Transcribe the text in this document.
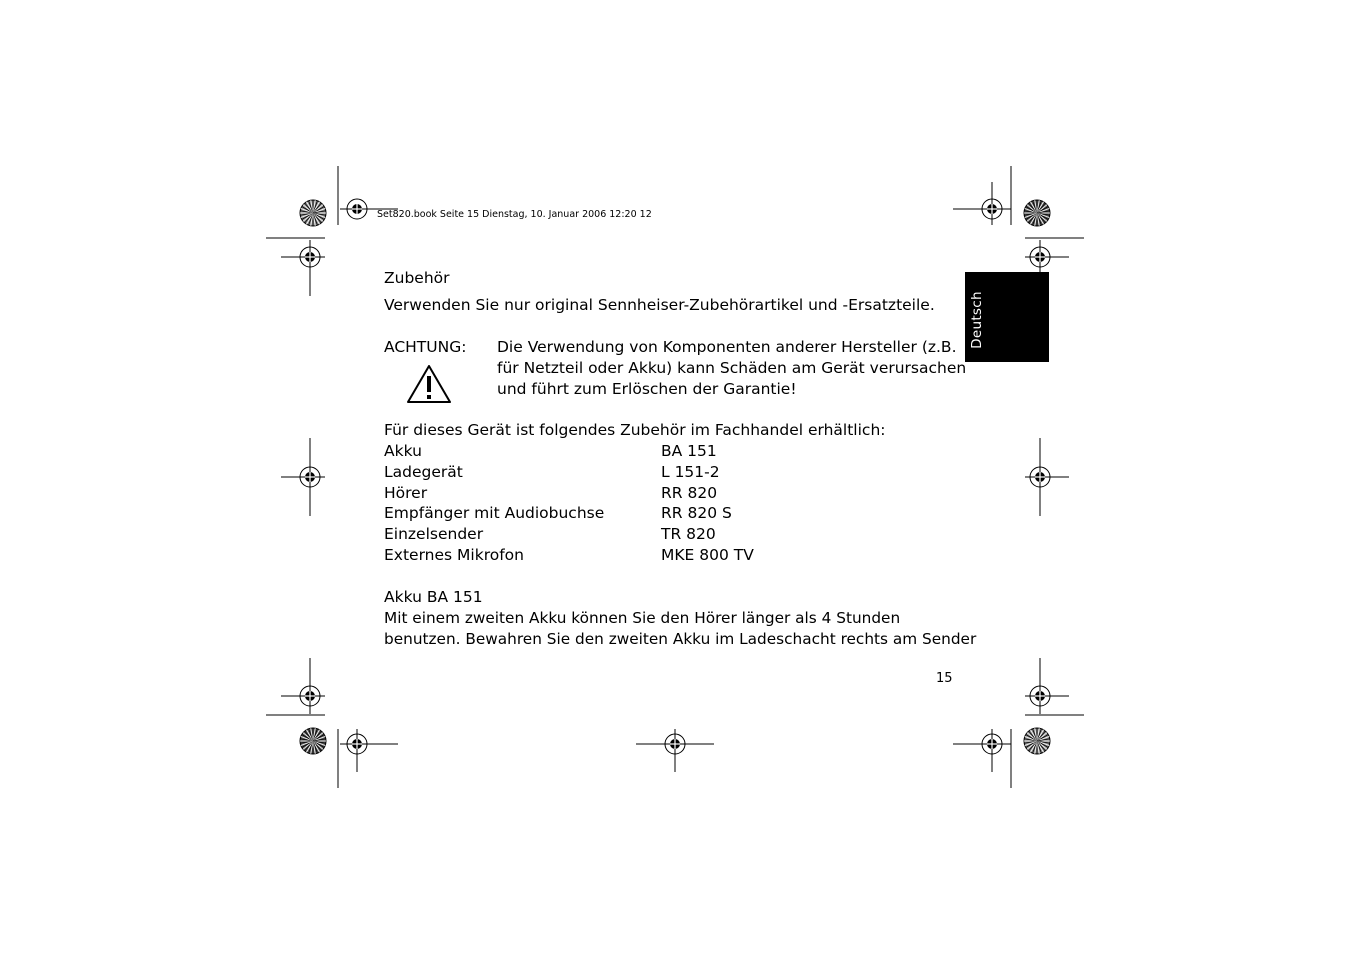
Set820.book Seite 15 Dienstag, 10. Januar 2006 12:20 12
Deutsch
Zubehör
Verwenden Sie nur original Sennheiser-Zubehörartikel und -Ersatzteile.
ACHTUNG: Die Verwendung von Komponenten anderer Hersteller (z.B.
für Netzteil oder Akku) kann Schäden am Gerät verursachen
und führt zum Erlöschen der Garantie!
Für dieses Gerät ist folgendes Zubehör im Fachhandel erhältlich:
Akku	BA 151
Ladegerät	L 151-2
Hörer	RR 820
Empfänger mit Audiobuchse	RR 820 S
Einzelsender	TR 820
Externes Mikrofon	MKE 800 TV
Akku BA 151
Mit einem zweiten Akku können Sie den Hörer länger als 4 Stunden
benutzen. Bewahren Sie den zweiten Akku im Ladeschacht rechts am Sender
15
